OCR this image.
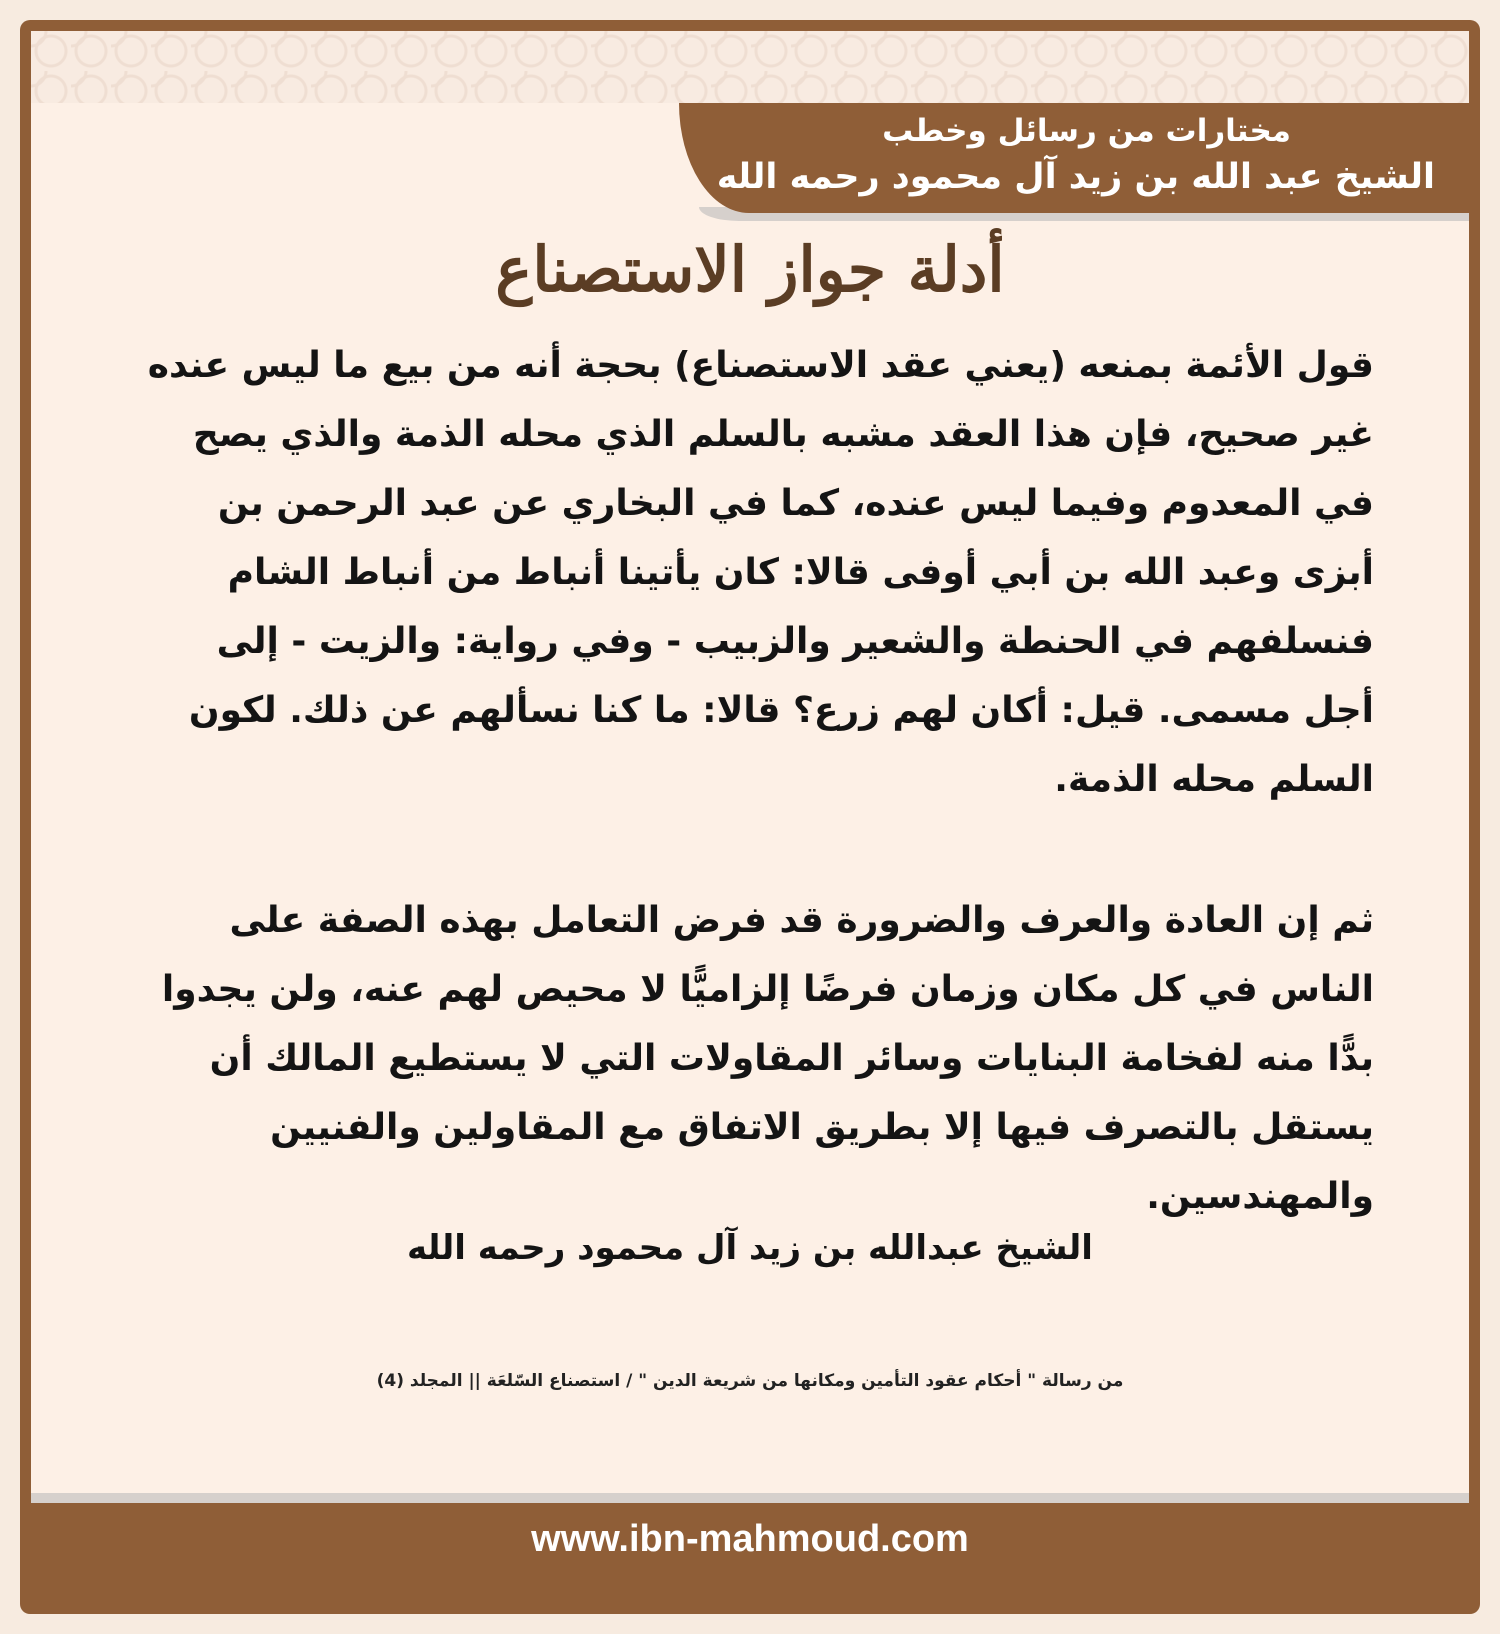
مختارات من رسائل وخطب
الشيخ عبد الله بن زيد آل محمود رحمه الله
أدلة جواز الاستصناع
قول الأئمة بمنعه (يعني عقد الاستصناع) بحجة أنه من بيع ما ليس عنده غير صحيح، فإن هذا العقد مشبه بالسلم الذي محله الذمة والذي يصح في المعدوم وفيما ليس عنده، كما في البخاري عن عبد الرحمن بن أبزى وعبد الله بن أبي أوفى قالا: كان يأتينا أنباط من أنباط الشام فنسلفهم في الحنطة والشعير والزبيب - وفي رواية: والزيت - إلى أجل مسمى. قيل: أكان لهم زرع؟ قالا: ما كنا نسألهم عن ذلك. لكون السلم محله الذمة.
ثم إن العادة والعرف والضرورة قد فرض التعامل بهذه الصفة على الناس في كل مكان وزمان فرضًا إلزاميًّا لا محيص لهم عنه، ولن يجدوا بدًّا منه لفخامة البنايات وسائر المقاولات التي لا يستطيع المالك أن يستقل بالتصرف فيها إلا بطريق الاتفاق مع المقاولين والفنيين والمهندسين.
الشيخ عبدالله بن زيد آل محمود رحمه الله
من رسالة " أحكام عقود التأمين ومكانها من شريعة الدين " / استصناع السّلعَة || المجلد (4)
www.ibn-mahmoud.com
